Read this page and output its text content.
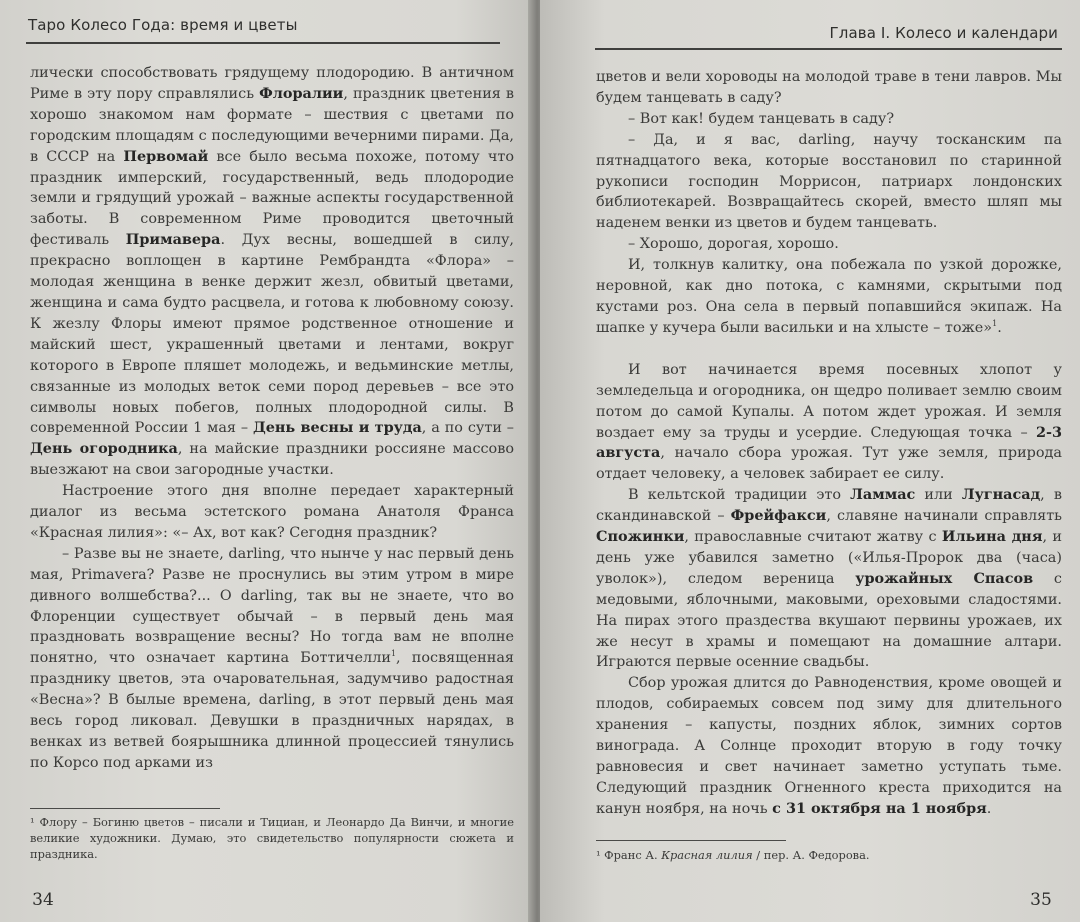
Таро Колесо Года: время и цветы

лически способствовать грядущему плодородию. В античном Риме в эту пору справлялись Флоралии, праздник цветения в хорошо знакомом нам формате – шествия с цветами по городским площадям с последующими вечерними пирами. Да, в СССР на Первомай все было весьма похоже, потому что праздник имперский, государственный, ведь плодородие земли и грядущий урожай – важные аспекты государственной заботы. В современном Риме проводится цветочный фестиваль Примавера. Дух весны, вошедшей в силу, прекрасно воплощен в картине Рембрандта «Флора» – молодая женщина в венке держит жезл, обвитый цветами, женщина и сама будто расцвела, и готова к любовному союзу. К жезлу Флоры имеют прямое родственное отношение и майский шест, украшенный цветами и лентами, вокруг которого в Европе пляшет молодежь, и ведьминские метлы, связанные из молодых веток семи пород деревьев – все это символы новых побегов, полных плодородной силы. В современной России 1 мая – День весны и труда, а по сути – День огородника, на майские праздники россияне массово выезжают на свои загородные участки.

Настроение этого дня вполне передает характерный диалог из весьма эстетского романа Анатоля Франса «Красная лилия»: «– Ах, вот как? Сегодня праздник?

– Разве вы не знаете, darling, что нынче у нас первый день мая, Primavera? Разве не проснулись вы этим утром в мире дивного волшебства?... О darling, так вы не знаете, что во Флоренции существует обычай – в первый день мая праздновать возвращение весны? Но тогда вам не вполне понятно, что означает картина Боттичелли$^1$, посвященная празднику цветов, эта очаровательная, задумчиво радостная «Весна»? В былые времена, darling, в этот первый день мая весь город ликовал. Девушки в праздничных нарядах, в венках из ветвей боярышника длинной процессией тянулись по Корсо под арками из

¹ Флору – Богиню цветов – писали и Тициан, и Леонардо Да Винчи, и многие великие художники. Думаю, это свидетельство популярности сюжета и праздника.
34
Глава I. Колесо и календари

цветов и вели хороводы на молодой траве в тени лавров. Мы будем танцевать в саду?

– Вот как! будем танцевать в саду?

– Да, и я вас, darling, научу тосканским па пятнадцатого века, которые восстановил по старинной рукописи господин Моррисон, патриарх лондонских библиотекарей. Возвращайтесь скорей, вместо шляп мы наденем венки из цветов и будем танцевать.

– Хорошо, дорогая, хорошо.

И, толкнув калитку, она побежала по узкой дорожке, неровной, как дно потока, с камнями, скрытыми под кустами роз. Она села в первый попавшийся экипаж. На шапке у кучера были васильки и на хлысте – тоже»$^1$.

И вот начинается время посевных хлопот у земледельца и огородника, он щедро поливает землю своим потом до самой Купалы. А потом ждет урожая. И земля воздает ему за труды и усердие. Следующая точка – 2-3 августа, начало сбора урожая. Тут уже земля, природа отдает человеку, а человек забирает ее силу.

В кельтской традиции это Ламмас или Лугнасад, в скандинавской – Фрейфакси, славяне начинали справлять Спожинки, православные считают жатву с Ильина дня, и день уже убавился заметно («Илья-Пророк два (часа) уволок»), следом вереница урожайных Спасов с медовыми, яблочными, маковыми, ореховыми сладостями. На пирах этого праздества вкушают первины урожаев, их же несут в храмы и помещают на домашние алтари. Играются первые осенние свадьбы.

Сбор урожая длится до Равноденствия, кроме овощей и плодов, собираемых совсем под зиму для длительного хранения – капусты, поздних яблок, зимних сортов винограда. А Солнце проходит вторую в году точку равновесия и свет начинает заметно уступать тьме. Следующий праздник Огненного креста приходится на канун ноября, на ночь с 31 октября на 1 ноября.

¹ Франс А. Красная лилия / пер. А. Федорова.
35
